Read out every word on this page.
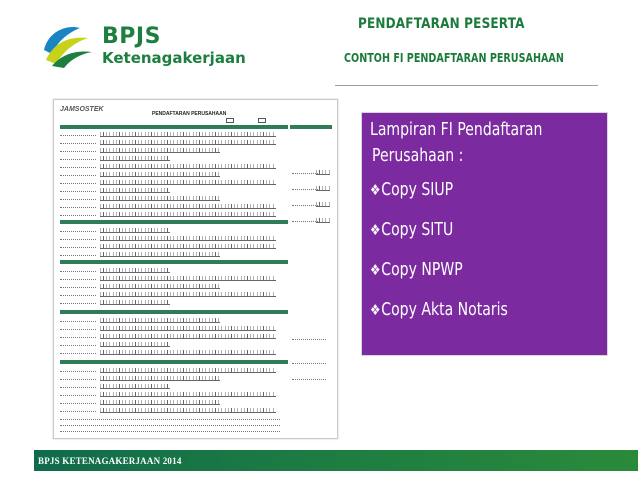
BPJS
Ketenagakerjaan
PENDAFTARAN PESERTA
CONTOH FI PENDAFTARAN PERUSAHAAN
JAMSOSTEK
PENDAFTARAN PERUSAHAAN
Lampiran FI Pendaftaran
Perusahaan :
❖Copy SIUP
❖Copy SITU
❖Copy NPWP
❖Copy Akta Notaris
BPJS KETENAGAKERJAAN 2014
